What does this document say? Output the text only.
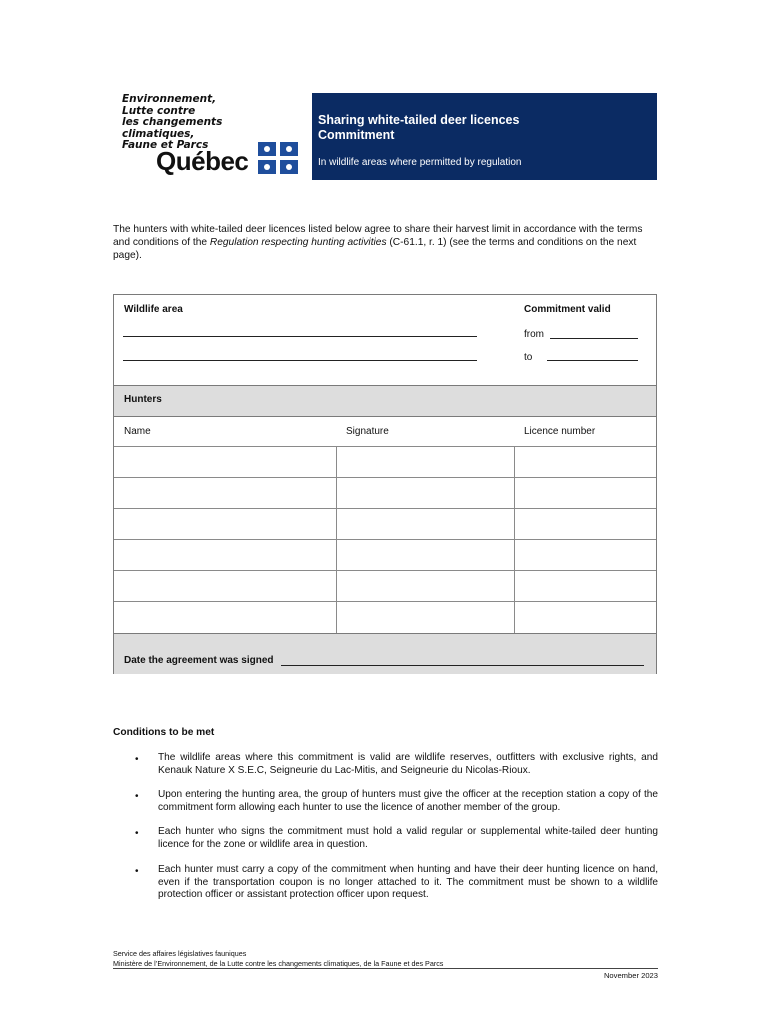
Environnement,
Lutte contre
les changements
climatiques,
Faune et Parcs
Québec
Sharing white-tailed deer licences
Commitment
In wildlife areas where permitted by regulation
The hunters with white-tailed deer licences listed below agree to share their harvest limit in accordance with the terms and conditions of the Regulation respecting hunting activities (C-61.1, r. 1) (see the terms and conditions on the next page).
Wildlife area	Commitment valid
from
to
Hunters
Name	Signature	Licence number
Date the agreement was signed
Conditions to be met
• The wildlife areas where this commitment is valid are wildlife reserves, outfitters with exclusive rights, and Kenauk Nature X S.E.C, Seigneurie du Lac-Mitis, and Seigneurie du Nicolas-Rioux.
• Upon entering the hunting area, the group of hunters must give the officer at the reception station a copy of the commitment form allowing each hunter to use the licence of another member of the group.
• Each hunter who signs the commitment must hold a valid regular or supplemental white-tailed deer hunting licence for the zone or wildlife area in question.
• Each hunter must carry a copy of the commitment when hunting and have their deer hunting licence on hand, even if the transportation coupon is no longer attached to it. The commitment must be shown to a wildlife protection officer or assistant protection officer upon request.
Service des affaires législatives fauniques
Ministère de l’Environnement, de la Lutte contre les changements climatiques, de la Faune et des Parcs
November 2023
